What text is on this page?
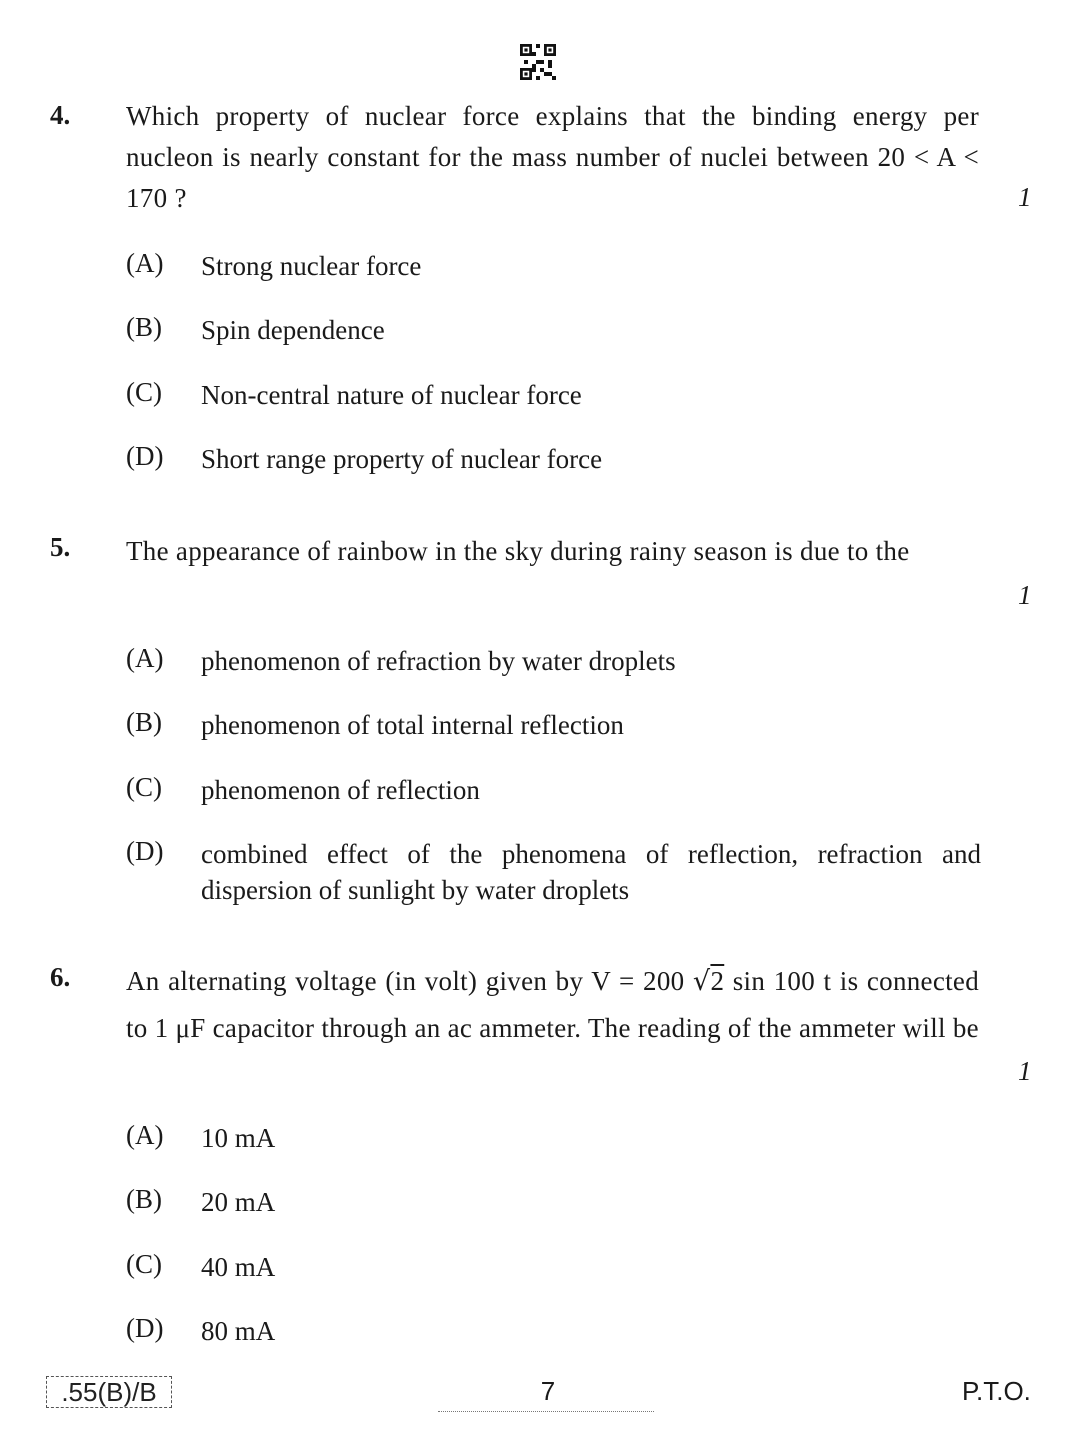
4. Which property of nuclear force explains that the binding energy per nucleon is nearly constant for the mass number of nuclei between 20 < A < 170 ?	1
(A) Strong nuclear force
(B) Spin dependence
(C) Non-central nature of nuclear force
(D) Short range property of nuclear force
5. The appearance of rainbow in the sky during rainy season is due to the
1
(A) phenomenon of refraction by water droplets
(B) phenomenon of total internal reflection
(C) phenomenon of reflection
(D) combined effect of the phenomena of reflection, refraction and dispersion of sunlight by water droplets
6. An alternating voltage (in volt) given by V = 200 √2 sin 100 t is connected to 1 μF capacitor through an ac ammeter. The reading of the ammeter will be
1
(A) 10 mA
(B) 20 mA
(C) 40 mA
(D) 80 mA
.55(B)/B	7	P.T.O.
